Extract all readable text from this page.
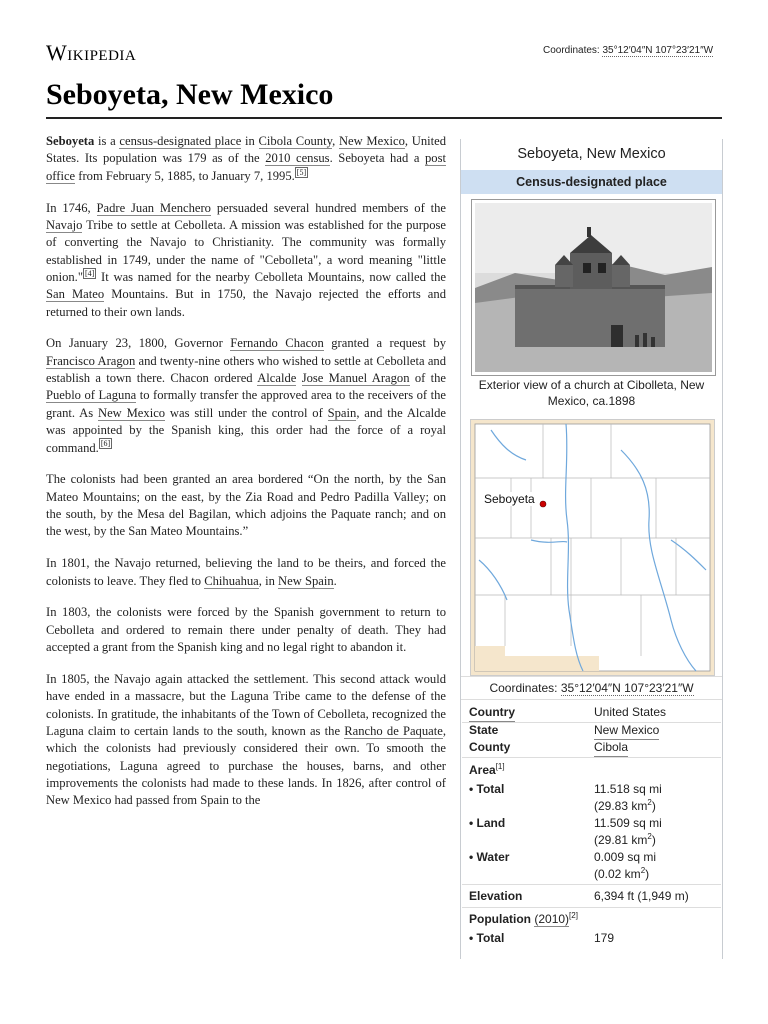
Wikipedia	Coordinates: 35°12′04″N 107°23′21″W
Seboyeta, New Mexico

Seboyeta is a census-designated place in Cibola County, New Mexico, United States. Its population was 179 as of the 2010 census. Seboyeta had a post office from February 5, 1885, to January 7, 1995. [5]

In 1746, Padre Juan Menchero persuaded several hundred members of the Navajo Tribe to settle at Cebolleta. A mission was established for the purpose of converting the Navajo to Christianity. The community was formally established in 1749, under the name of "Cebolleta", a word meaning "little onion." [4] It was named for the nearby Cebolleta Mountains, now called the San Mateo Mountains. But in 1750, the Navajo rejected the efforts and returned to their own lands.

On January 23, 1800, Governor Fernando Chacon granted a request by Francisco Aragon and twenty-nine others who wished to settle at Cebolleta and establish a town there. Chacon ordered Alcalde Jose Manuel Aragon of the Pueblo of Laguna to formally transfer the approved area to the receivers of the grant. As New Mexico was still under the control of Spain, and the Alcalde was appointed by the Spanish king, this order had the force of a royal command. [6]

The colonists had been granted an area bordered “On the north, by the San Mateo Mountains; on the east, by the Zia Road and Pedro Padilla Valley; on the south, by the Mesa del Bagilan, which adjoins the Paquate ranch; and on the west, by the San Mateo Mountains.”

In 1801, the Navajo returned, believing the land to be theirs, and forced the colonists to leave. They fled to Chihuahua, in New Spain.

In 1803, the colonists were forced by the Spanish government to return to Cebolleta and ordered to remain there under penalty of death. They had accepted a grant from the Spanish king and no legal right to abandon it.

In 1805, the Navajo again attacked the settlement. This second attack would have ended in a massacre, but the Laguna Tribe came to the defense of the colonists. In gratitude, the inhabitants of the Town of Cebolleta, recognized the Laguna claim to certain lands to the south, known as the Rancho de Paquate, which the colonists had previously considered their own. To smooth the negotiations, Laguna agreed to purchase the houses, barns, and other improvements the colonists had made to these lands. In 1826, after control of New Mexico had passed from Spain to the

Seboyeta, New Mexico
Census-designated place
Exterior view of a church at Cibolleta, New Mexico, ca.1898
Seboyeta
Coordinates: 35°12′04″N 107°23′21″W
Country	United States
State	New Mexico
County	Cibola
Area[1]
• Total	11.518 sq mi
(29.83 $km^2$)
• Land	11.509 sq mi
(29.81 $km^2$)
• Water	0.009 sq mi
(0.02 $km^2$)
Elevation	6,394 ft (1,949 m)
Population (2010)[2]
• Total	179
